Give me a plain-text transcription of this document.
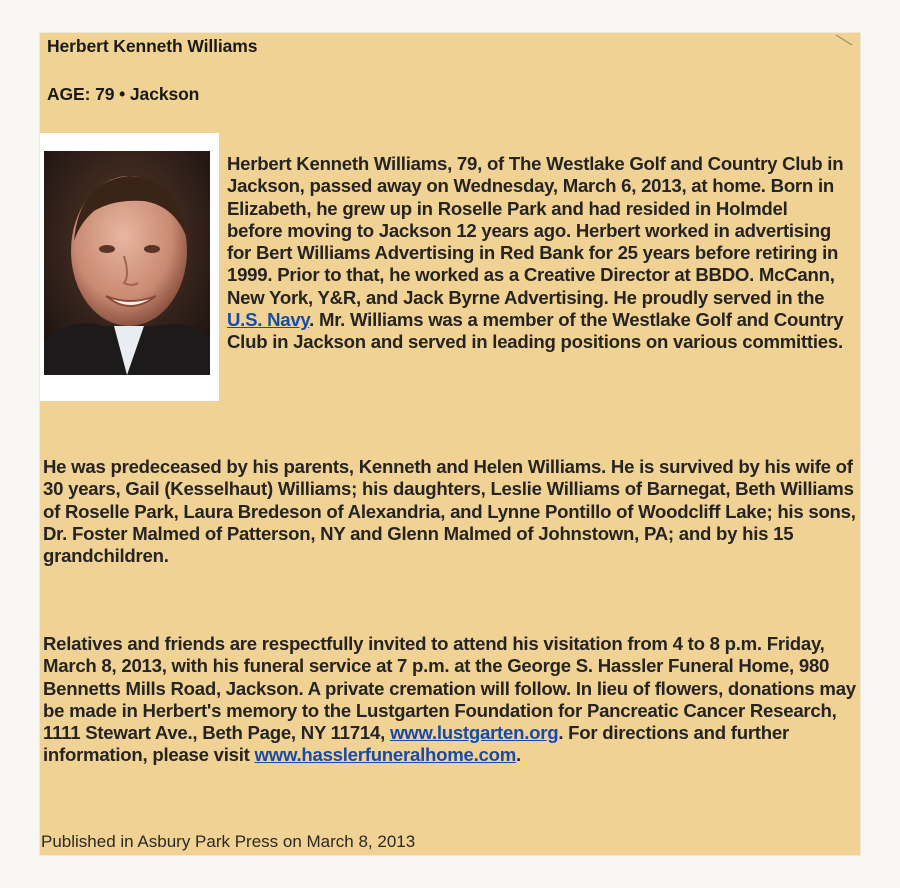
Herbert Kenneth Williams
AGE: 79 • Jackson

Herbert Kenneth Williams, 79, of The Westlake Golf and Country Club in Jackson, passed away on Wednesday, March 6, 2013, at home. Born in Elizabeth, he grew up in Roselle Park and had resided in Holmdel before moving to Jackson 12 years ago. Herbert worked in advertising for Bert Williams Advertising in Red Bank for 25 years before retiring in 1999. Prior to that, he worked as a Creative Director at BBDO. McCann, New York, Y&R, and Jack Byrne Advertising. He proudly served in the U.S. Navy. Mr. Williams was a member of the Westlake Golf and Country Club in Jackson and served in leading positions on various committies.

He was predeceased by his parents, Kenneth and Helen Williams. He is survived by his wife of 30 years, Gail (Kesselhaut) Williams; his daughters, Leslie Williams of Barnegat, Beth Williams of Roselle Park, Laura Bredeson of Alexandria, and Lynne Pontillo of Woodcliff Lake; his sons, Dr. Foster Malmed of Patterson, NY and Glenn Malmed of Johnstown, PA; and by his 15 grandchildren.

Relatives and friends are respectfully invited to attend his visitation from 4 to 8 p.m. Friday, March 8, 2013, with his funeral service at 7 p.m. at the George S. Hassler Funeral Home, 980 Bennetts Mills Road, Jackson. A private cremation will follow. In lieu of flowers, donations may be made in Herbert's memory to the Lustgarten Foundation for Pancreatic Cancer Research, 1111 Stewart Ave., Beth Page, NY 11714, www.lustgarten.org. For directions and further information, please visit www.hasslerfuneralhome.com.

Published in Asbury Park Press on March 8, 2013
